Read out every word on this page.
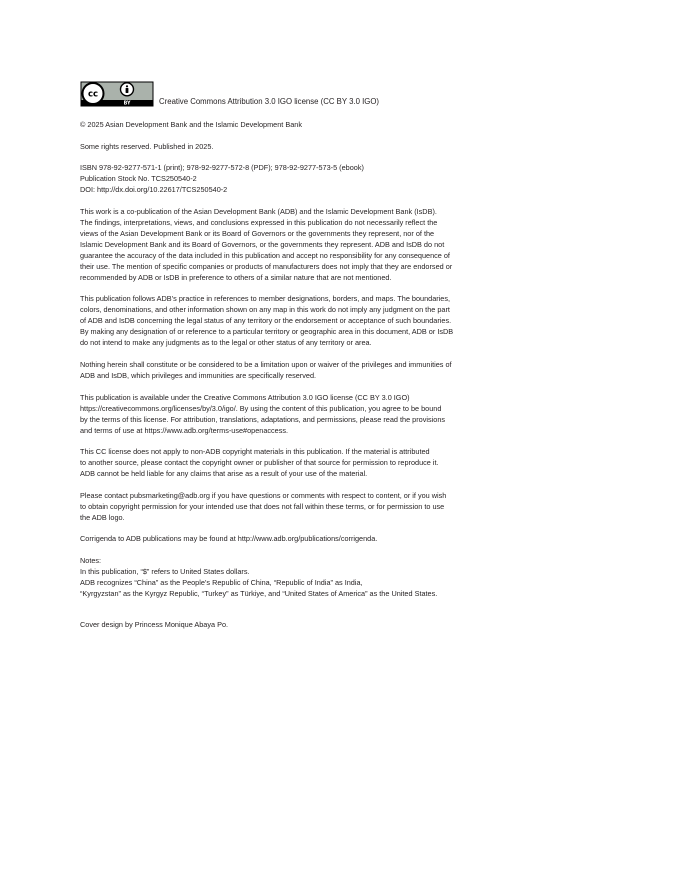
cc
BY	Creative Commons Attribution 3.0 IGO license (CC BY 3.0 IGO)

© 2025 Asian Development Bank and the Islamic Development Bank

Some rights reserved. Published in 2025.

ISBN 978-92-9277-571-1 (print); 978-92-9277-572-8 (PDF); 978-92-9277-573-5 (ebook)
Publication Stock No. TCS250540-2
DOI: http://dx.doi.org/10.22617/TCS250540-2

This work is a co-publication of the Asian Development Bank (ADB) and the Islamic Development Bank (IsDB).
The findings, interpretations, views, and conclusions expressed in this publication do not necessarily reflect the
views of the Asian Development Bank or its Board of Governors or the governments they represent, nor of the
Islamic Development Bank and its Board of Governors, or the governments they represent. ADB and IsDB do not
guarantee the accuracy of the data included in this publication and accept no responsibility for any consequence of
their use. The mention of specific companies or products of manufacturers does not imply that they are endorsed or
recommended by ADB or IsDB in preference to others of a similar nature that are not mentioned.

This publication follows ADB’s practice in references to member designations, borders, and maps. The boundaries,
colors, denominations, and other information shown on any map in this work do not imply any judgment on the part
of ADB and IsDB concerning the legal status of any territory or the endorsement or acceptance of such boundaries.
By making any designation of or reference to a particular territory or geographic area in this document, ADB or IsDB
do not intend to make any judgments as to the legal or other status of any territory or area.

Nothing herein shall constitute or be considered to be a limitation upon or waiver of the privileges and immunities of
ADB and IsDB, which privileges and immunities are specifically reserved.

This publication is available under the Creative Commons Attribution 3.0 IGO license (CC BY 3.0 IGO)
https://creativecommons.org/licenses/by/3.0/igo/. By using the content of this publication, you agree to be bound
by the terms of this license. For attribution, translations, adaptations, and permissions, please read the provisions
and terms of use at https://www.adb.org/terms-use#openaccess.

This CC license does not apply to non-ADB copyright materials in this publication. If the material is attributed
to another source, please contact the copyright owner or publisher of that source for permission to reproduce it.
ADB cannot be held liable for any claims that arise as a result of your use of the material.

Please contact pubsmarketing@adb.org if you have questions or comments with respect to content, or if you wish
to obtain copyright permission for your intended use that does not fall within these terms, or for permission to use
the ADB logo.

Corrigenda to ADB publications may be found at http://www.adb.org/publications/corrigenda.

Notes:
In this publication, “$” refers to United States dollars.
ADB recognizes “China” as the People’s Republic of China, “Republic of India” as India,
“Kyrgyzstan” as the Kyrgyz Republic, “Turkey” as Türkiye, and “United States of America” as the United States.

Cover design by Princess Monique Abaya Po.
